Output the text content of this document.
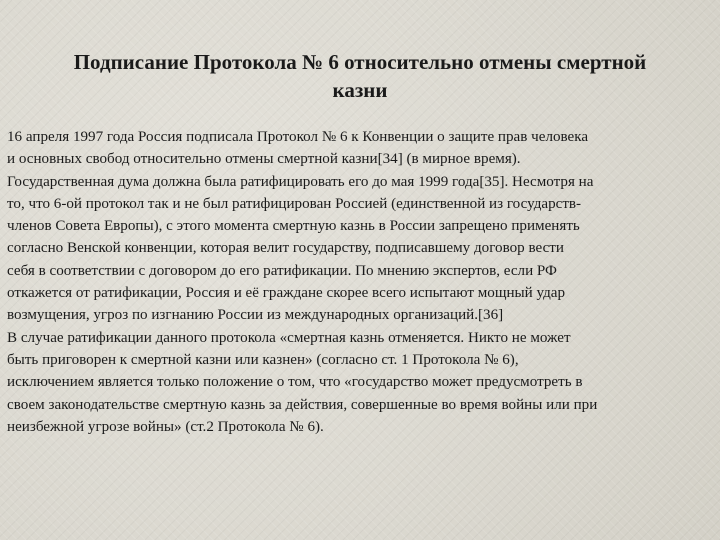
Подписание Протокола № 6 относительно отмены смертной
казни

16 апреля 1997 года Россия подписала Протокол № 6 к Конвенции о защите прав человека
и основных свобод относительно отмены смертной казни[34] (в мирное время).
Государственная дума должна была ратифицировать его до мая 1999 года[35]. Несмотря на
то, что 6-ой протокол так и не был ратифицирован Россией (единственной из государств-
членов Совета Европы), с этого момента смертную казнь в России запрещено применять
согласно Венской конвенции, которая велит государству, подписавшему договор вести
себя в соответствии с договором до его ратификации. По мнению экспертов, если РФ
откажется от ратификации, Россия и её граждане скорее всего испытают мощный удар
возмущения, угроз по изгнанию России из международных организаций.[36]

В случае ратификации данного протокола «смертная казнь отменяется. Никто не может
быть приговорен к смертной казни или казнен» (согласно ст. 1 Протокола № 6),
исключением является только положение о том, что «государство может предусмотреть в
своем законодательстве смертную казнь за действия, совершенные во время войны или при
неизбежной угрозе войны» (ст.2 Протокола № 6).
